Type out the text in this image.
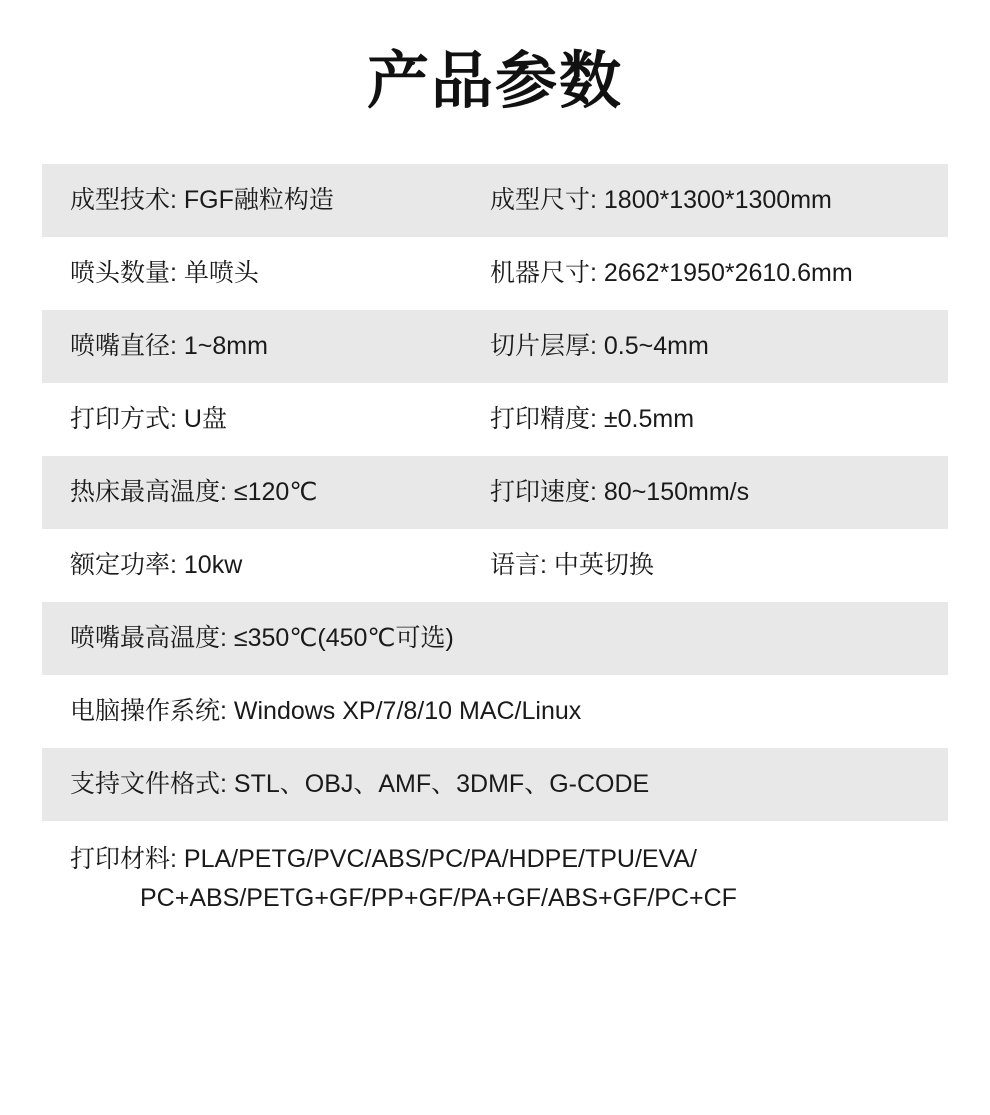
产品参数
成型技术: FGF融粒构造	成型尺寸: 1800*1300*1300mm
喷头数量: 单喷头	机器尺寸: 2662*1950*2610.6mm
喷嘴直径: 1~8mm	切片层厚: 0.5~4mm
打印方式: U盘	打印精度: ±0.5mm
热床最高温度: ≤120℃	打印速度: 80~150mm/s
额定功率: 10kw	语言: 中英切换
喷嘴最高温度: ≤350℃(450℃可选)
电脑操作系统: Windows XP/7/8/10 MAC/Linux
支持文件格式: STL、OBJ、AMF、3DMF、G-CODE
打印材料: PLA/PETG/PVC/ABS/PC/PA/HDPE/TPU/EVA/
PC+ABS/PETG+GF/PP+GF/PA+GF/ABS+GF/PC+CF
